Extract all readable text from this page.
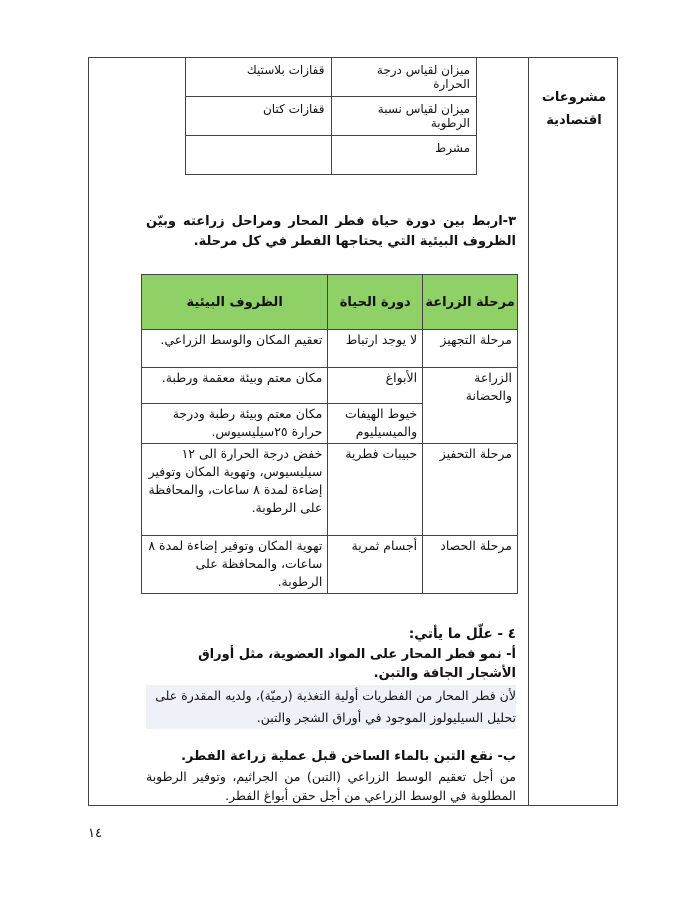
مشروعات اقتصادية
ميزان لقياس درجة الحرارة	قفازات بلاستيك
ميزان لقياس نسبة الرطوبة	قفازات كتان
مشرط	
٣-اربط بين دورة حياة فطر المحار ومراحل زراعته وبيّن الظروف البيئية التي يحتاجها الفطر في كل مرحلة.
مرحلة الزراعة	دورة الحياة	الظروف البيئية
مرحلة التجهيز	لا يوجد ارتباط	تعقيم المكان والوسط الزراعي.
الزراعة والحضانة	الأبواغ	مكان معتم وبيئة معقمة ورطبة.
	خيوط الهيفات والميسيليوم	مكان معتم وبيئة رطبة ودرجة حرارة ٢٥سيليسيوس.
مرحلة التحفيز	حبيبات فطرية	خفض درجة الحرارة الى ١٢ سيليسيوس، وتهوية المكان وتوفير إضاءة لمدة ٨ ساعات، والمحافظة على الرطوبة.
مرحلة الحصاد	أجسام ثمرية	تهوية المكان وتوفير إضاءة لمدة ٨ ساعات، والمحافظة على الرطوبة.
٤ - علّل ما يأتي:
أ- نمو فطر المحار على المواد العضوية، مثل أوراق الأشجار الجافة والتبن.
لأن فطر المحار من الفطريات أولية التغذية (رميّة)، ولديه المقدرة على
تحليل السيليولوز الموجود في أوراق الشجر والتبن.
ب- نقع التبن بالماء الساخن قبل عملية زراعة الفطر.
من أجل تعقيم الوسط الزراعي (التبن) من الجراثيم، وتوفير الرطوبة المطلوبة في الوسط الزراعي من أجل حقن أبواغ الفطر.
١٤
